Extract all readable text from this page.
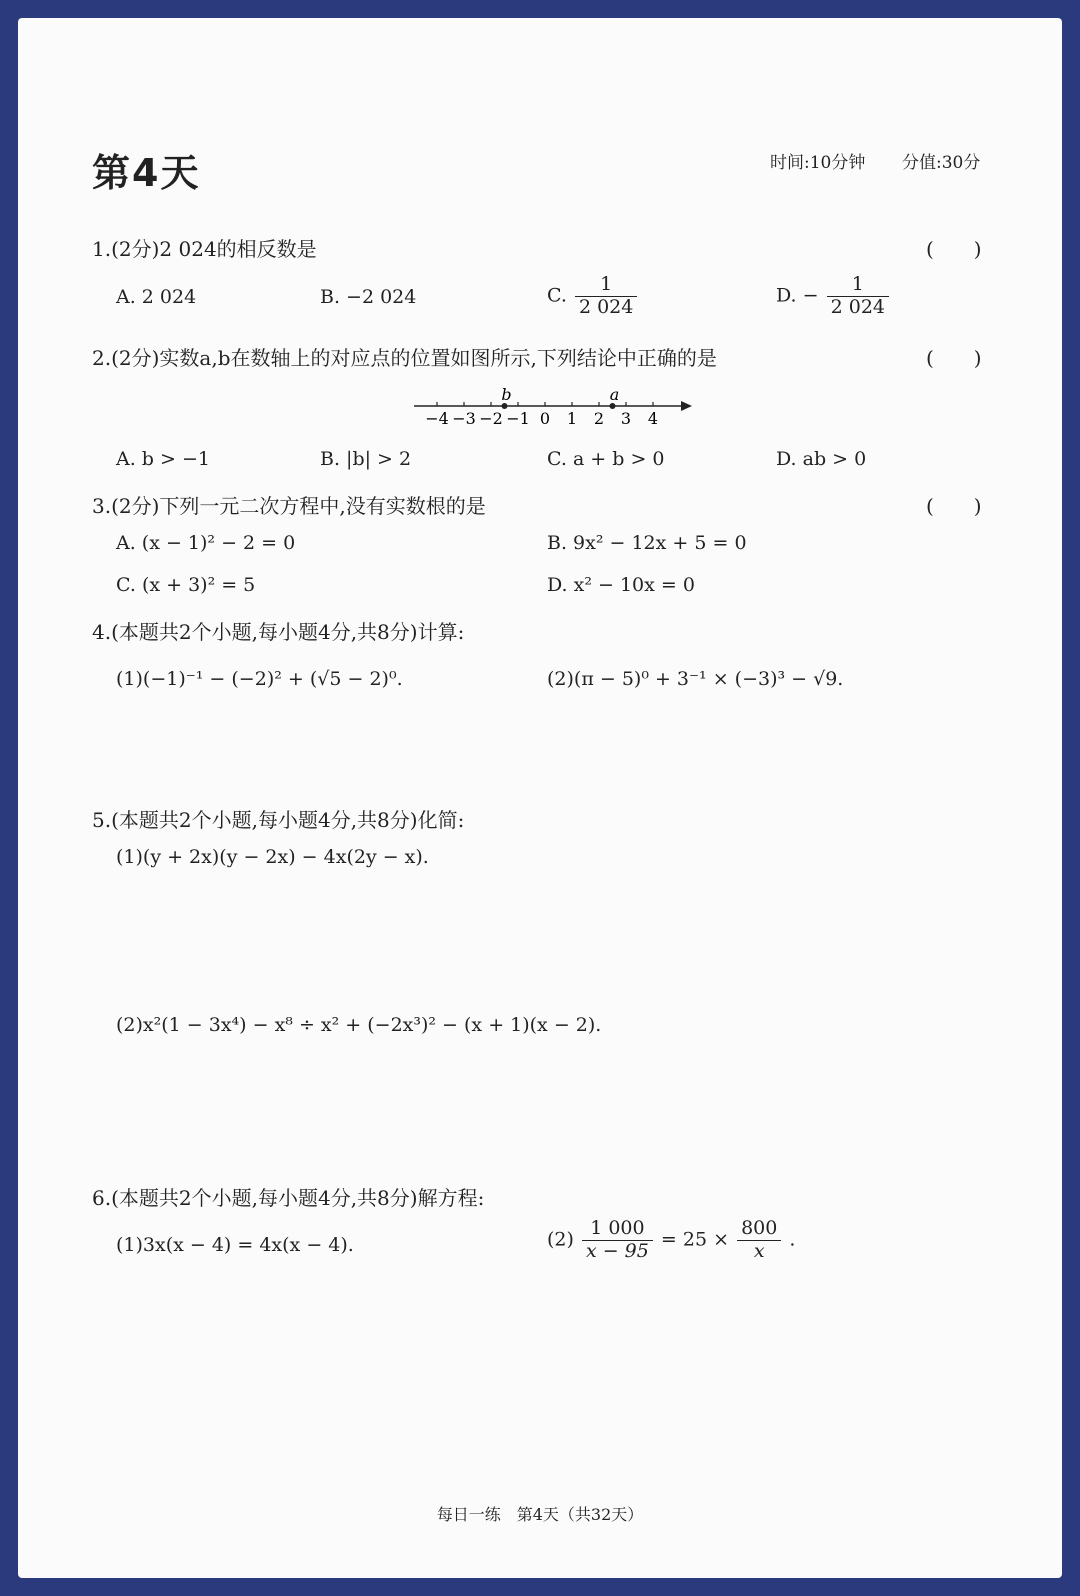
第4天	时间:10分钟 分值:30分
1.(2分)2 024的相反数是	(　　)
A. 2 024	B. −2 024	C. $\frac{1}{2 024}$	D. − $\frac{1}{2 024}$
2.(2分)实数a,b在数轴上的对应点的位置如图所示,下列结论中正确的是	(　　)
−4 −3 −2 −1 0 1 2 3 4
b	a
A. b > −1	B. |b| > 2	C. a + b > 0	D. ab > 0
3.(2分)下列一元二次方程中,没有实数根的是	(　　)
A. (x − 1)² − 2 = 0	B. 9x² − 12x + 5 = 0
C. (x + 3)² = 5	D. x² − 10x = 0
4.(本题共2个小题,每小题4分,共8分)计算:
(1)(−1)⁻¹ − (−2)² + (√5 − 2)⁰.	(2)(π − 5)⁰ + 3⁻¹ × (−3)³ − √9.
5.(本题共2个小题,每小题4分,共8分)化简:
(1)(y + 2x)(y − 2x) − 4x(2y − x).
(2)x²(1 − 3x⁴) − x⁸ ÷ x² + (−2x³)² − (x + 1)(x − 2).
6.(本题共2个小题,每小题4分,共8分)解方程:
(1)3x(x − 4) = 4x(x − 4).	$(2) \frac{1 000}{x - 95} = 25 \times \frac{800}{x}$ .
每日一练　第4天（共32天）
